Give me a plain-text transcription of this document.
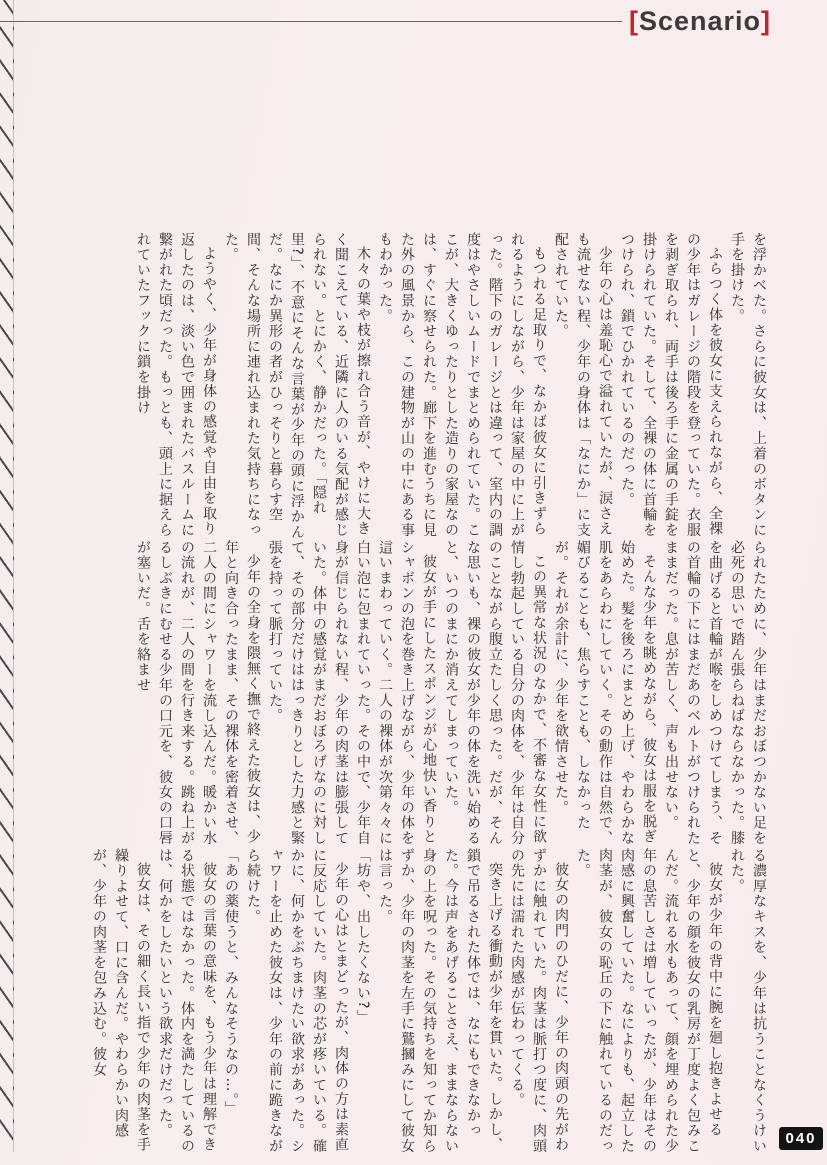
[Scenario]

を浮かべた。さらに彼女は、上着のボタンに手を掛けた。

ふらつく体を彼女に支えられながら、全裸の少年はガレージの階段を登っていた。衣服を剥ぎ取られ、両手は後ろ手に金属の手錠を掛けられていた。そして、全裸の体に首輪をつけられ、鎖でひかれているのだった。

少年の心は羞恥心で溢れていたが、涙さえも流せない程、少年の身体は「なにか」に支配されていた。

もつれる足取りで、なかば彼女に引きずられるようにしながら、少年は家屋の中に上がった。階下のガレージとは違って、室内の調度はやさしいムードでまとめられていた。ここが、大きくゆったりとした造りの家屋なのは、すぐに察せられた。廊下を進むうちに見た外の風景から、この建物が山の中にある事もわかった。

木々の葉や枝が擦れ合う音が、やけに大きく聞こえている、近隣に人のいる気配が感じられない。とにかく、静かだった。「隠れ里?」、不意にそんな言葉が少年の頭に浮かんだ。なにか異形の者がひっそりと暮らす空間、そんな場所に連れ込まれた気持ちになった。

ようやく、少年が身体の感覚や自由を取り返したのは、淡い色で囲まれたバスルームに繋がれた頃だった。もっとも、頭上に据えられていたフックに鎖を掛け

られたために、少年はまだおぼつかない足を必死の思いで踏ん張らねばならなかった。膝を曲げると首輪が喉をしめつけてしまう、その首輪の下にはまだあのベルトがつけられたままだった。息が苦しく、声も出せない。

そんな少年を眺めながら、彼女は服を脱ぎ始めた。髪を後ろにまとめ上げ、やわらかな肌をあらわにしていく。その動作は自然で、媚びることも、焦らすことも、しなかったが。それが余計に、少年を欲情させた。

この異常な状況のなかで、不審な女性に欲情し勃起している自分の肉体を、少年は自分のことながら腹立たしく思った。だが、そんな思いも、裸の彼女が少年の体を洗い始めると、いつのまにか消えてしまっていた。

彼女が手にしたスポンジが心地快い香りとシャボンの泡を巻き上げながら、少年の体を這いまわっていく。二人の裸体が次第々々に白い泡に包まれていった。その中で、少年自身が信じられない程、少年の肉茎は膨張していた。体中の感覚がまだおぼろげなのに対して、その部分だけははっきりとした力感と緊張を持って脈打っていた。

少年の全身を隈無く撫で終えた彼女は、少年と向き合ったまま、その裸体を密着させ、二人の間にシャワーを流し込んだ。暖かい水の流れが、二人の間を行き来する。跳ね上がるしぶきにむせる少年の口元を、彼女の口唇が塞いだ。舌を絡ませ

る濃厚なキスを、少年は抗うことなくうけいれた。

彼女が少年の背中に腕を廻し抱きよせると、少年の顔を彼女の乳房が丁度よく包みこんだ。流れる水もあって、顔を埋められた少年の息苦しさは増していったが、少年はその肉感に興奮していた。なによりも、起立した肉茎が、彼女の恥丘の下に触れているのだった。

彼女の肉門のひだに、少年の肉頭の先がわずかに触れていた。肉茎は脈打つ度に、肉頭の先には濡れた肉感が伝わってくる。

突き上げる衝動が少年を貫いた。しかし、鎖で吊るされた体では、なにもできなかった。今は声をあげることさえ、ままならない身の上を呪った。その気持ちを知ってか知らずか、少年の肉茎を左手に鷲摑みにして彼女は言った。

「坊や、出したくない?」

少年の心はとまどったが、肉体の方は素直に反応していた。肉茎の芯が疼いている。確かに、何かをぶちまけたい欲求があった。シャワーを止めた彼女は、少年の前に跪きながら続けた。

「あの薬使うと、みんなそうなの…。」

彼女の言葉の意味を、もう少年は理解できる状態ではなかった。体内を満たしているのは、何かをしたいという欲求だけだった。

彼女は、その細く長い指で少年の肉茎を手繰りよせて、口に含んだ。やわらかい肉感が、少年の肉茎を包み込む。彼女

040
